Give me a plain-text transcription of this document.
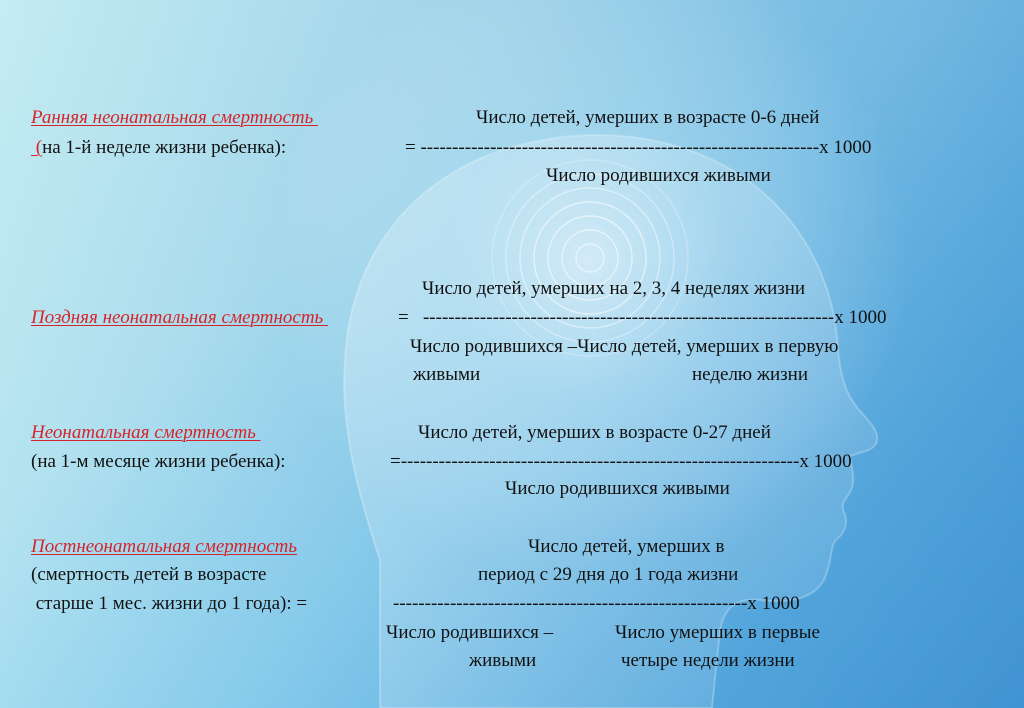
Ранняя неонатальная смертность
(на 1-й неделе жизни ребенка):
Число детей, умерших в возрасте 0-6 дней
= ---------------------------------------------------------------х 1000
Число родившихся живыми
Число детей, умерших на 2, 3, 4 неделях жизни
Поздняя неонатальная смертность	=   -----------------------------------------------------------------х 1000
Число родившихся –Число детей, умерших в первую
живыми	неделю жизни
Неонатальная смертность	Число детей, умерших в возрасте 0-27 дней
(на 1-м месяце жизни ребенка):	=---------------------------------------------------------------х 1000
Число родившихся живыми
Постнеонатальная смертность	Число детей, умерших в
(смертность детей в возрасте	период с 29 дня до 1 года жизни
старше 1 мес. жизни до 1 года): =	--------------------------------------------------------х 1000
Число родившихся –	Число умерших в первые
живыми	четыре недели жизни
